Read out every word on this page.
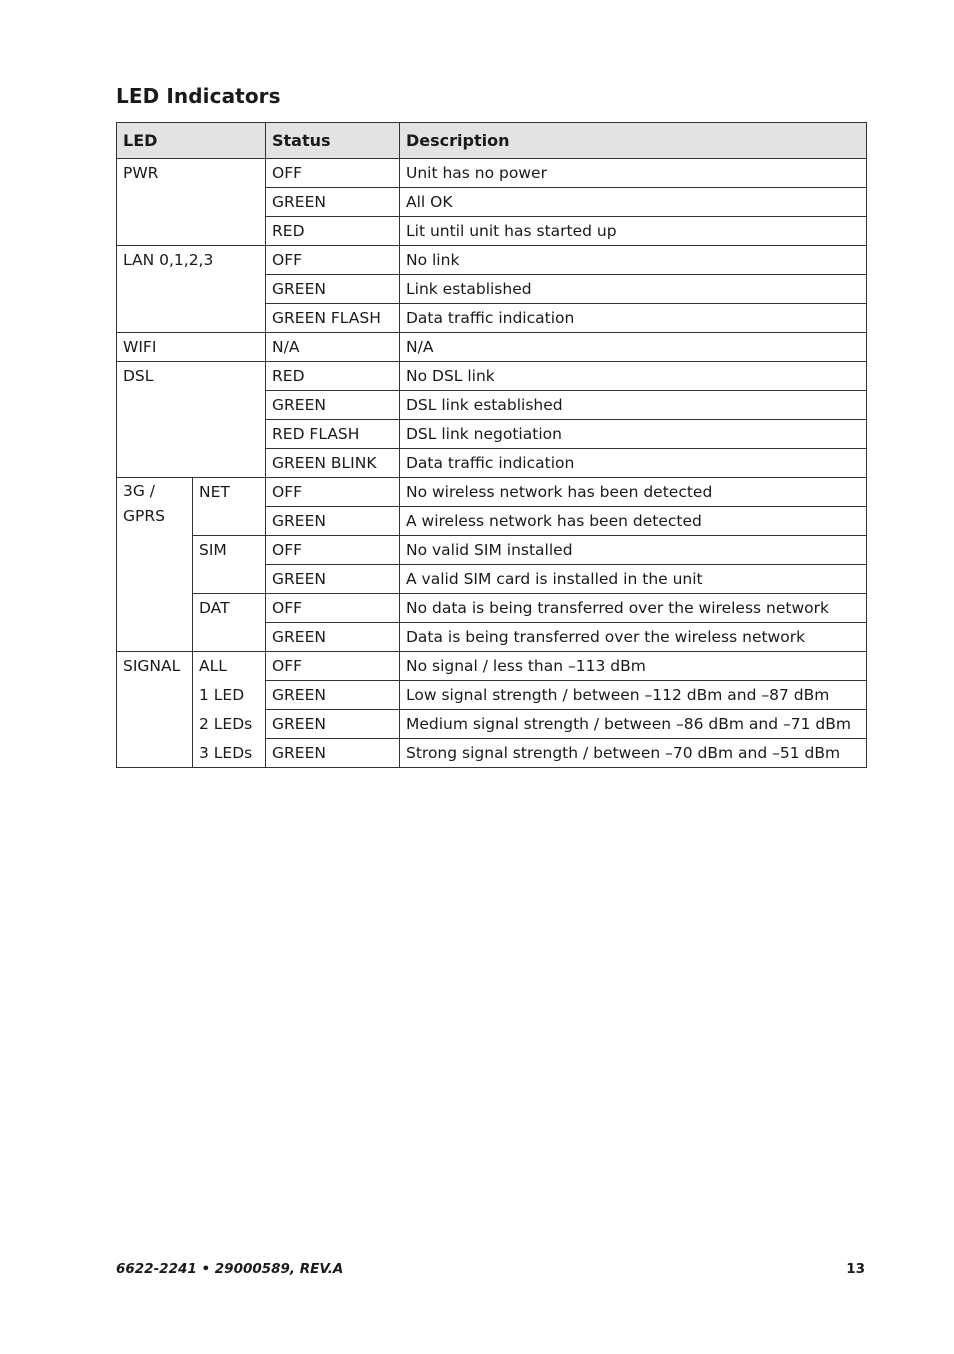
LED Indicators
LED		Status	Description
PWR		OFF	Unit has no power
		GREEN	All OK
		RED	Lit until unit has started up
LAN 0,1,2,3		OFF	No link
		GREEN	Link established
		GREEN FLASH	Data traffic indication
WIFI		N/A	N/A
DSL		RED	No DSL link
		GREEN	DSL link established
		RED FLASH	DSL link negotiation
		GREEN BLINK	Data traffic indication
3G / GPRS	NET	OFF	No wireless network has been detected
		GREEN	A wireless network has been detected
	SIM	OFF	No valid SIM installed
		GREEN	A valid SIM card is installed in the unit
	DAT	OFF	No data is being transferred over the wireless network
		GREEN	Data is being transferred over the wireless network
SIGNAL	ALL	OFF	No signal / less than –113 dBm
	1 LED	GREEN	Low signal strength / between –112 dBm and –87 dBm
	2 LEDs	GREEN	Medium signal strength / between –86 dBm and –71 dBm
	3 LEDs	GREEN	Strong signal strength / between –70 dBm and –51 dBm
6622-2241 • 29000589, REV.A	13
